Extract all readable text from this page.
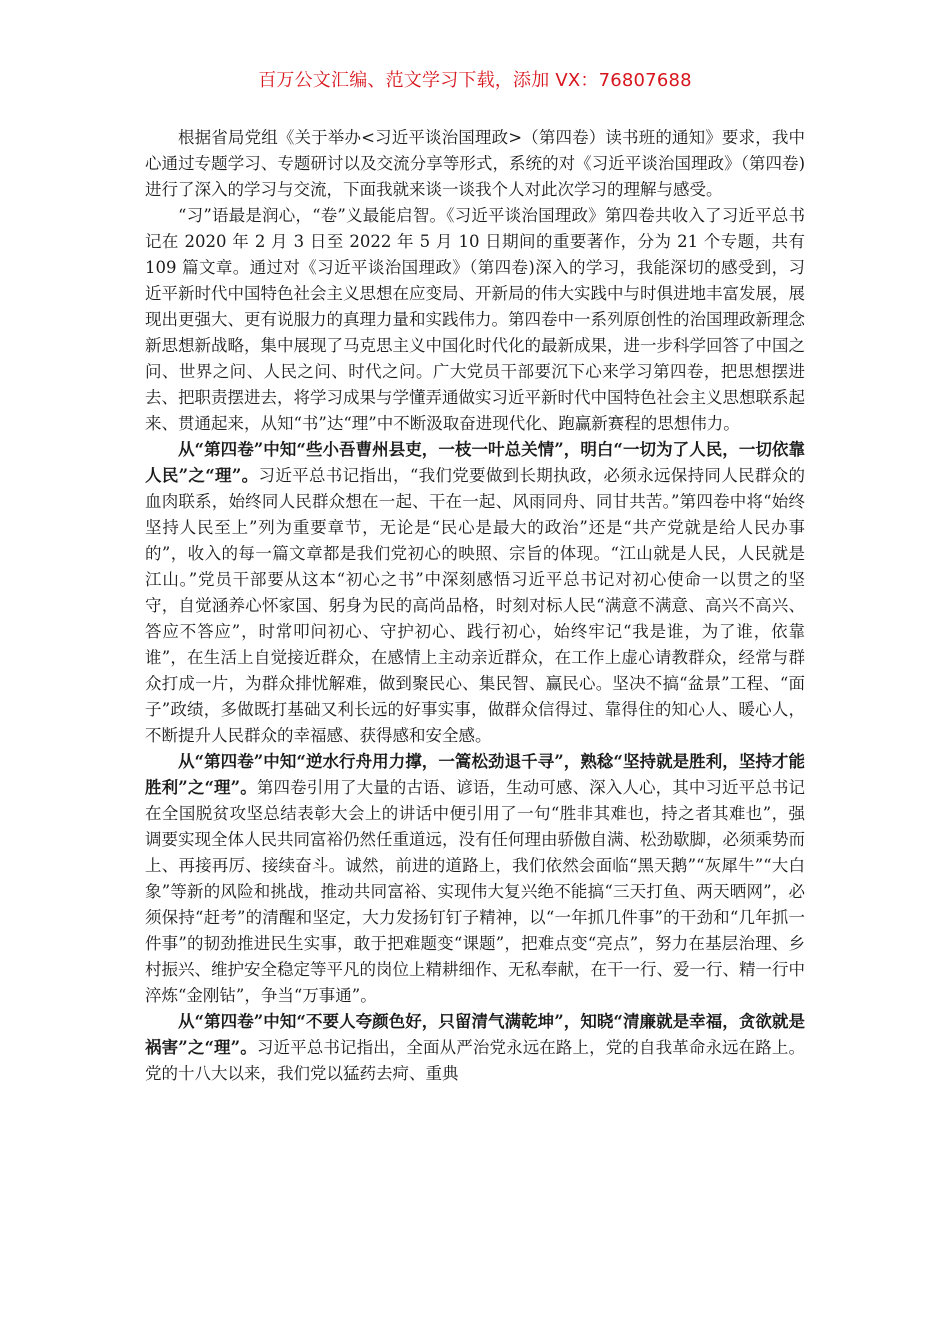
百万公文汇编、范文学习下载，添加 VX：76807688

根据省局党组《关于举办<习近平谈治国理政>（第四卷）读书班的通知》要求，我中心通过专题学习、专题研讨以及交流分享等形式，系统的对《习近平谈治国理政》（第四卷)进行了深入的学习与交流，下面我就来谈一谈我个人对此次学习的理解与感受。

“习”语最是润心，“卷”义最能启智。《习近平谈治国理政》第四卷共收入了习近平总书记在 2020 年 2 月 3 日至 2022 年 5 月 10 日期间的重要著作，分为 21 个专题，共有 109 篇文章。通过对《习近平谈治国理政》（第四卷)深入的学习，我能深切的感受到，习近平新时代中国特色社会主义思想在应变局、开新局的伟大实践中与时俱进地丰富发展，展现出更强大、更有说服力的真理力量和实践伟力。第四卷中一系列原创性的治国理政新理念新思想新战略，集中展现了马克思主义中国化时代化的最新成果，进一步科学回答了中国之问、世界之问、人民之问、时代之问。广大党员干部要沉下心来学习第四卷，把思想摆进去、把职责摆进去，将学习成果与学懂弄通做实习近平新时代中国特色社会主义思想联系起来、贯通起来，从知“书”达“理”中不断汲取奋进现代化、跑赢新赛程的思想伟力。

从“第四卷”中知“些小吾曹州县吏，一枝一叶总关情”，明白“一切为了人民，一切依靠人民”之“理”。习近平总书记指出，“我们党要做到长期执政，必须永远保持同人民群众的血肉联系，始终同人民群众想在一起、干在一起、风雨同舟、同甘共苦。”第四卷中将“始终坚持人民至上”列为重要章节，无论是“民心是最大的政治”还是“共产党就是给人民办事的”，收入的每一篇文章都是我们党初心的映照、宗旨的体现。“江山就是人民，人民就是江山。”党员干部要从这本“初心之书”中深刻感悟习近平总书记对初心使命一以贯之的坚守，自觉涵养心怀家国、躬身为民的高尚品格，时刻对标人民“满意不满意、高兴不高兴、答应不答应”，时常叩问初心、守护初心、践行初心，始终牢记“我是谁，为了谁，依靠谁”，在生活上自觉接近群众，在感情上主动亲近群众，在工作上虚心请教群众，经常与群众打成一片，为群众排忧解难，做到聚民心、集民智、赢民心。坚决不搞“盆景”工程、“面子”政绩，多做既打基础又利长远的好事实事，做群众信得过、靠得住的知心人、暖心人，不断提升人民群众的幸福感、获得感和安全感。

从“第四卷”中知“逆水行舟用力撑，一篙松劲退千寻”，熟稔“坚持就是胜利，坚持才能胜利”之“理”。第四卷引用了大量的古语、谚语，生动可感、深入人心，其中习近平总书记在全国脱贫攻坚总结表彰大会上的讲话中便引用了一句“胜非其难也，持之者其难也”，强调要实现全体人民共同富裕仍然任重道远，没有任何理由骄傲自满、松劲歇脚，必须乘势而上、再接再厉、接续奋斗。诚然，前进的道路上，我们依然会面临“黑天鹅”“灰犀牛”“大白象”等新的风险和挑战，推动共同富裕、实现伟大复兴绝不能搞“三天打鱼、两天晒网”，必须保持“赶考”的清醒和坚定，大力发扬钉钉子精神，以“一年抓几件事”的干劲和“几年抓一件事”的韧劲推进民生实事，敢于把难题变“课题”，把难点变“亮点”，努力在基层治理、乡村振兴、维护安全稳定等平凡的岗位上精耕细作、无私奉献，在干一行、爱一行、精一行中淬炼“金刚钻”，争当“万事通”。

从“第四卷”中知“不要人夸颜色好，只留清气满乾坤”，知晓“清廉就是幸福，贪欲就是祸害”之“理”。习近平总书记指出，全面从严治党永远在路上，党的自我革命永远在路上。党的十八大以来，我们党以猛药去疴、重典
